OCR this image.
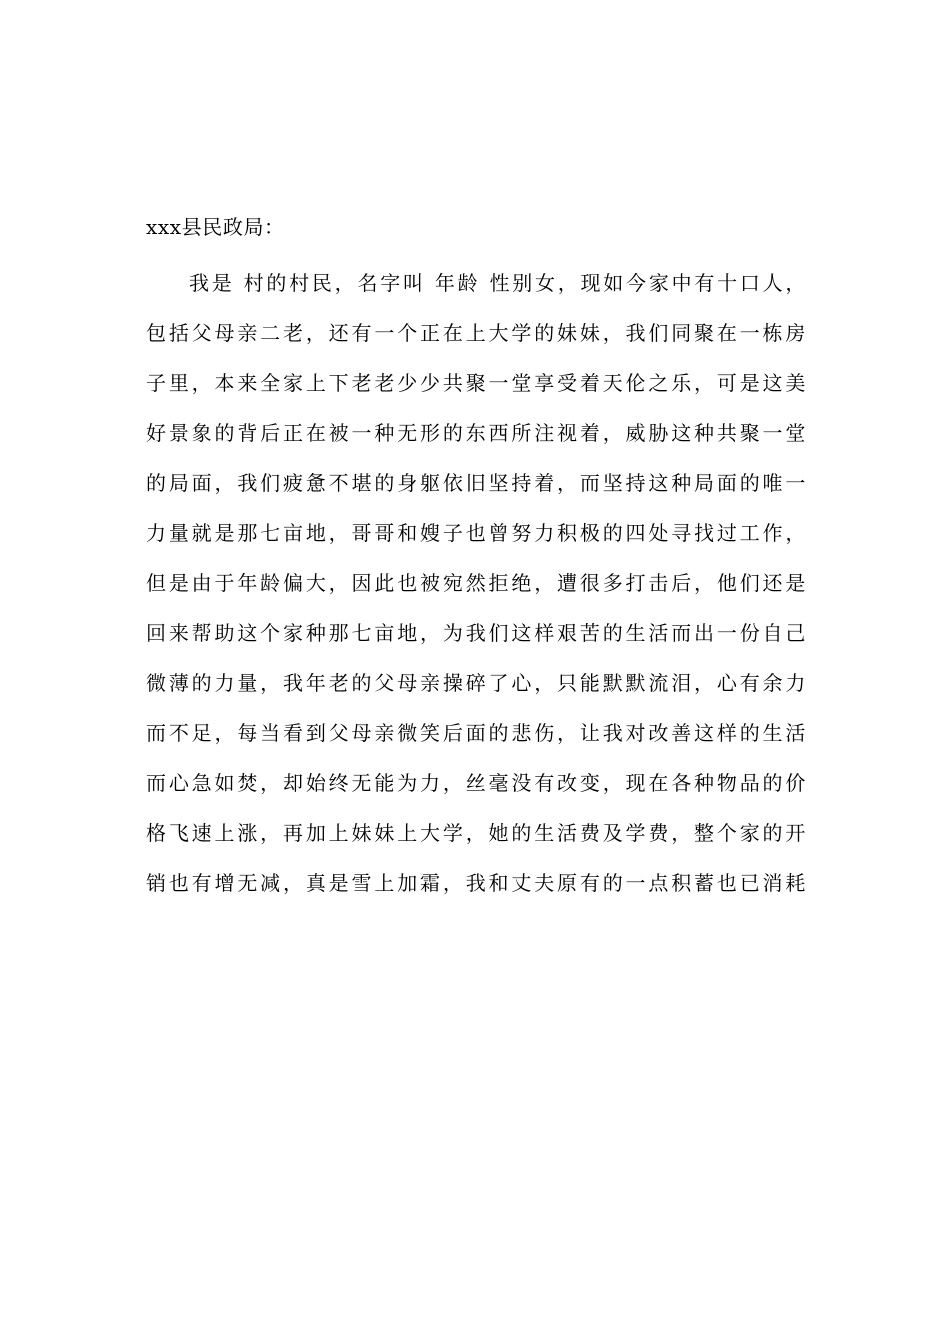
xxx县民政局：

我是 村的村民，名字叫 年龄 性别女，现如今家中有十口人，
包括父母亲二老，还有一个正在上大学的妹妹，我们同聚在一栋房
子里，本来全家上下老老少少共聚一堂享受着天伦之乐，可是这美
好景象的背后正在被一种无形的东西所注视着，威胁这种共聚一堂
的局面，我们疲惫不堪的身躯依旧坚持着，而坚持这种局面的唯一
力量就是那七亩地，哥哥和嫂子也曾努力积极的四处寻找过工作，
但是由于年龄偏大，因此也被宛然拒绝，遭很多打击后，他们还是
回来帮助这个家种那七亩地，为我们这样艰苦的生活而出一份自己
微薄的力量，我年老的父母亲操碎了心，只能默默流泪，心有余力
而不足，每当看到父母亲微笑后面的悲伤，让我对改善这样的生活
而心急如焚，却始终无能为力，丝毫没有改变，现在各种物品的价
格飞速上涨，再加上妹妹上大学，她的生活费及学费，整个家的开
销也有增无减，真是雪上加霜，我和丈夫原有的一点积蓄也已消耗
